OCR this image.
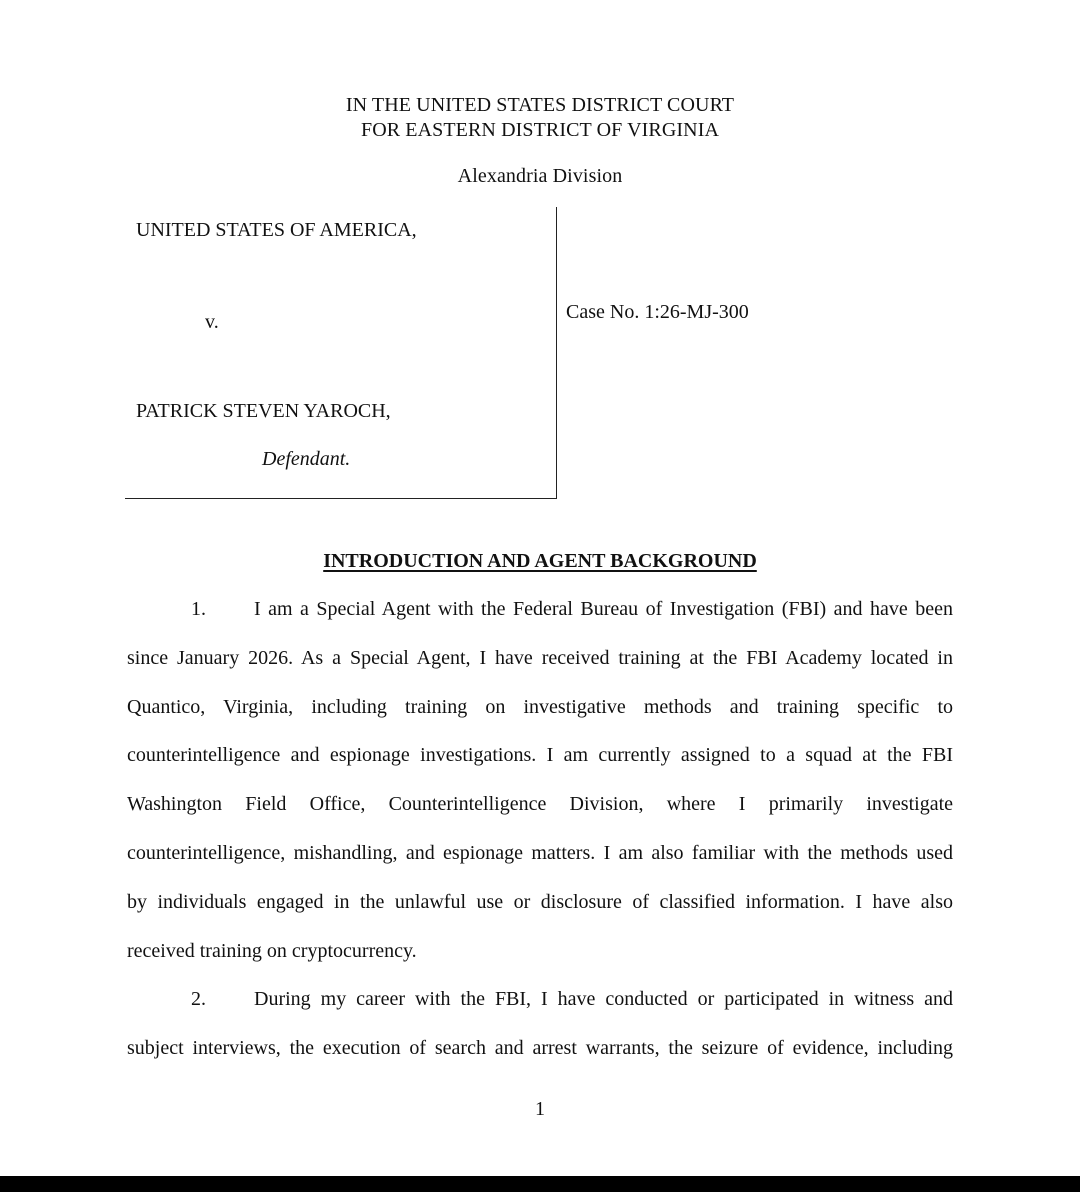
IN THE UNITED STATES DISTRICT COURT
FOR EASTERN DISTRICT OF VIRGINIA
Alexandria Division
UNITED STATES OF AMERICA,
v.
PATRICK STEVEN YAROCH,
Defendant.
Case No. 1:26-MJ-300
INTRODUCTION AND AGENT BACKGROUND
1. I am a Special Agent with the Federal Bureau of Investigation (FBI) and have been
since January 2026. As a Special Agent, I have received training at the FBI Academy located in
Quantico, Virginia, including training on investigative methods and training specific to
counterintelligence and espionage investigations. I am currently assigned to a squad at the FBI
Washington Field Office, Counterintelligence Division, where I primarily investigate
counterintelligence, mishandling, and espionage matters. I am also familiar with the methods used
by individuals engaged in the unlawful use or disclosure of classified information. I have also
received training on cryptocurrency.
2. During my career with the FBI, I have conducted or participated in witness and
subject interviews, the execution of search and arrest warrants, the seizure of evidence, including
1
